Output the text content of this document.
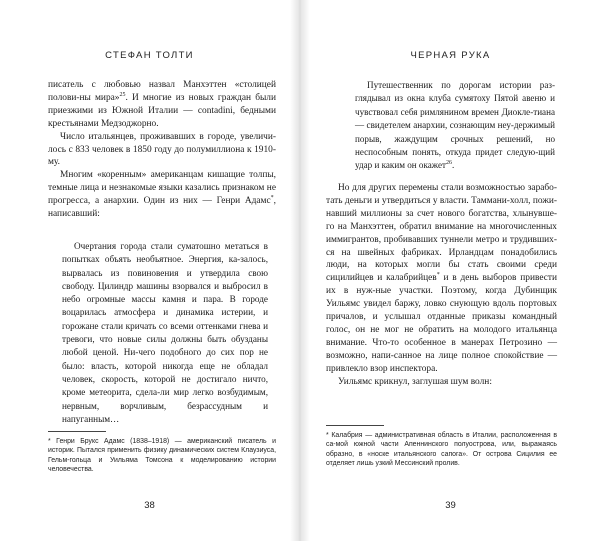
СТЕФАН ТОЛТИ

писатель с любовью назвал Манхэттен «столицей полови-ны мира»$^{25}$. И многие из новых граждан были приезжими из Южной Италии — contadini, бедными крестьянами Медзоджорно.

Число итальянцев, проживавших в городе, увеличи-лось с 833 человек в 1850 году до полумиллиона к 1910-му.

Многим «коренным» американцам кишащие толпы, темные лица и незнакомые языки казались признаком не прогресса, а анархии. Один из них — Генри Адамс*, написавший:

Очертания города стали суматошно метаться в попытках объять необъятное. Энергия, ка-залось, вырвалась из повиновения и утвердила свою свободу. Цилиндр машины взорвался и выбросил в небо огромные массы камня и пара. В городе воцарилась атмосфера и динамика истерии, и горожане стали кричать со всеми оттенками гнева и тревоги, что новые силы должны быть обузданы любой ценой. Ни-чего подобного до сих пор не было: власть, которой никогда еще не обладал человек, скорость, которой не достигало ничто, кроме метеорита, сдела-ли мир легко возбудимым, нервным, ворчливым, безрассудным и напуганным…

* Генри Брукс Адамс (1838–1918) — американский писатель и историк. Пытался применить физику динамических систем Клаузиуса, Гельм-гольца и Уильяма Томсона к моделированию истории человечества.
38
ЧЕРНАЯ РУКА

Путешественник по дорогам истории раз-глядывал из окна клуба сумятоху Пятой авеню и чувствовал себя римлянином времен Диокле-тиана — свидетелем анархии, сознающим неу-держимый порыв, жаждущим срочных решений, но неспособным понять, откуда придет следую-щий удар и каким он окажет$^{26}$.

Но для других перемены стали возможностью зарабо-тать деньги и утвердиться у власти. Таммани-холл, пожи-навший миллионы за счет нового богатства, хлынувше-го на Манхэттен, обратил внимание на многочисленных иммигрантов, пробивавших туннели метро и трудивших-ся на швейных фабриках. Ирландцам понадобились люди, на которых могли бы стать своими среди сицилийцев и калабрийцев* и в день выборов привести их в нуж-ные участки. Поэтому, когда Дубинщик Уильямс увидел баржу, ловко снующую вдоль портовых причалов, и услышал отданные приказы командный голос, он не мог не обратить на молодого итальянца внимание. Что-то особенное в манерах Петрозино — возможно, напи-санное на лице полное спокойствие — привлекло взор инспектора.

Уильямс крикнул, заглушая шум волн:

* Калабрия — административная область в Италии, расположенная в са-мой южной части Апеннинского полуострова, или, выражаясь образно, в «носке итальянского сапога». От острова Сицилия ее отделяет лишь узкий Мессинский пролив.
39
